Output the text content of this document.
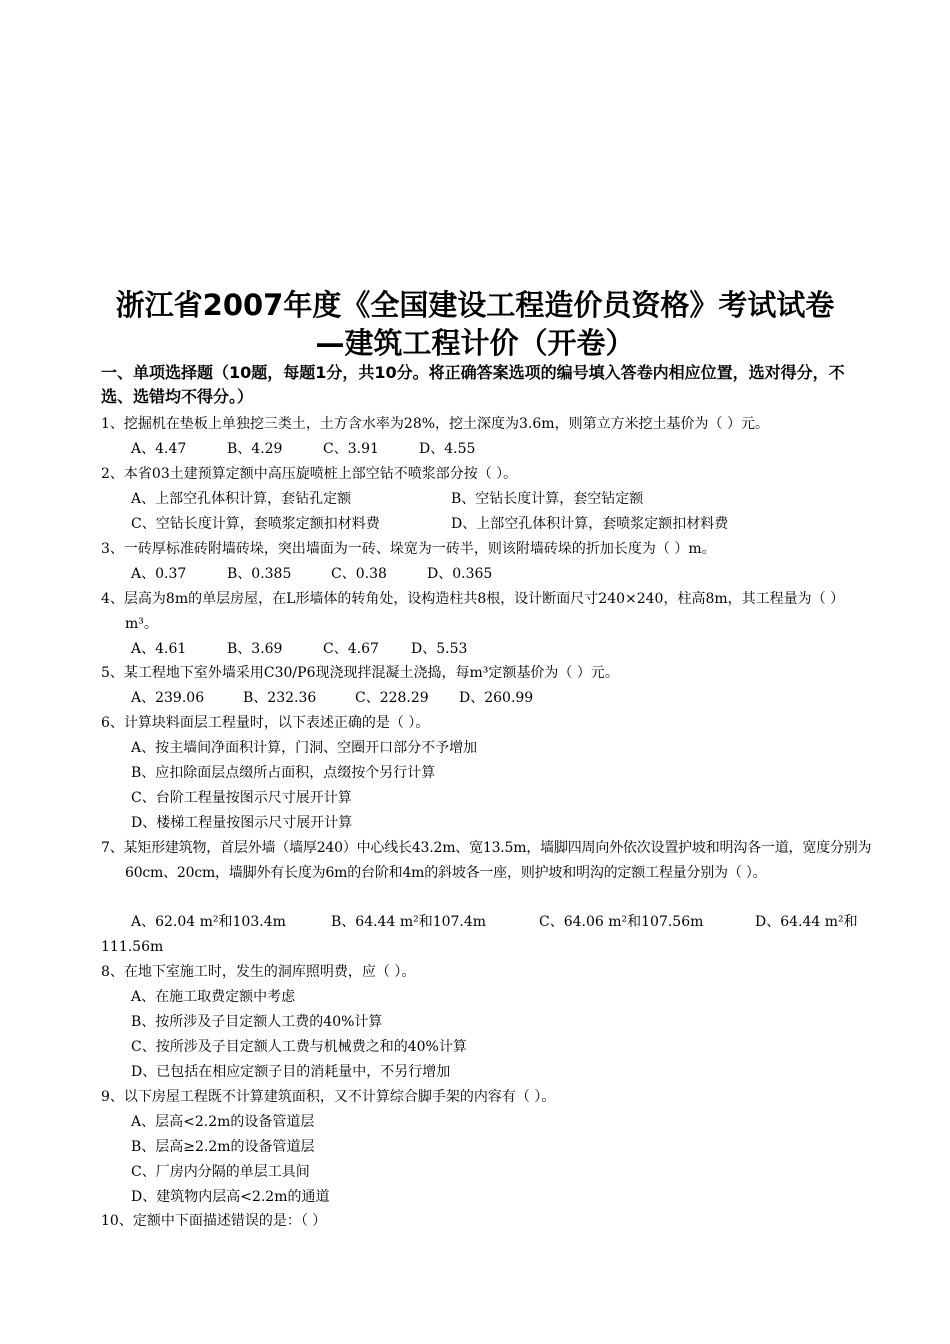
浙江省2007年度《全国建设工程造价员资格》考试试卷
—建筑工程计价（开卷）
一、单项选择题（10题，每题1分，共10分。将正确答案选项的编号填入答卷内相应位置，选对得分，不选、选错均不得分。）
1、挖掘机在垫板上单独挖三类土，土方含水率为28%，挖土深度为3.6m，则第立方米挖土基价为（ ）元。
A、4.47	B、4.29	C、3.91	D、4.55
2、本省03土建预算定额中高压旋喷桩上部空钻不喷浆部分按（ ）。
A、上部空孔体积计算，套钻孔定额	B、空钻长度计算，套空钻定额
C、空钻长度计算，套喷浆定额扣材料费	D、上部空孔体积计算，套喷浆定额扣材料费
3、一砖厚标准砖附墙砖垛，突出墙面为一砖、垛宽为一砖半，则该附墙砖垛的折加长度为（ ）m。
A、0.37	B、0.385	C、0.38	D、0.365
4、层高为8m的单层房屋，在L形墙体的转角处，设构造柱共8根，设计断面尺寸240×240，柱高8m，其工程量为（ ）m³。
A、4.61	B、3.69	C、4.67 D、5.53
5、某工程地下室外墙采用C30/P6现浇现拌混凝土浇捣，每m³定额基价为（ ）元。
A、239.06	B、232.36	C、228.29 D、260.99
6、计算块料面层工程量时，以下表述正确的是（ ）。
A、按主墙间净面积计算，门洞、空圈开口部分不予增加
B、应扣除面层点缀所占面积，点缀按个另行计算
C、台阶工程量按图示尺寸展开计算
D、楼梯工程量按图示尺寸展开计算
7、某矩形建筑物，首层外墙（墙厚240）中心线长43.2m、宽13.5m，墙脚四周向外依次设置护坡和明沟各一道，宽度分别为60cm、20cm，墙脚外有长度为6m的台阶和4m的斜坡各一座，则护坡和明沟的定额工程量分别为（ ）。
A、62.04 m²和103.4m	B、64.44 m²和107.4m	C、64.06 m²和107.56m	D、64.44 m²和
111.56m
8、在地下室施工时，发生的洞库照明费，应（ ）。
A、在施工取费定额中考虑
B、按所涉及子目定额人工费的40%计算
C、按所涉及子目定额人工费与机械费之和的40%计算
D、已包括在相应定额子目的消耗量中，不另行增加
9、以下房屋工程既不计算建筑面积，又不计算综合脚手架的内容有（ ）。
A、层高<2.2m的设备管道层
B、层高≥2.2m的设备管道层
C、厂房内分隔的单层工具间
D、建筑物内层高<2.2m的通道
10、定额中下面描述错误的是：（ ）
